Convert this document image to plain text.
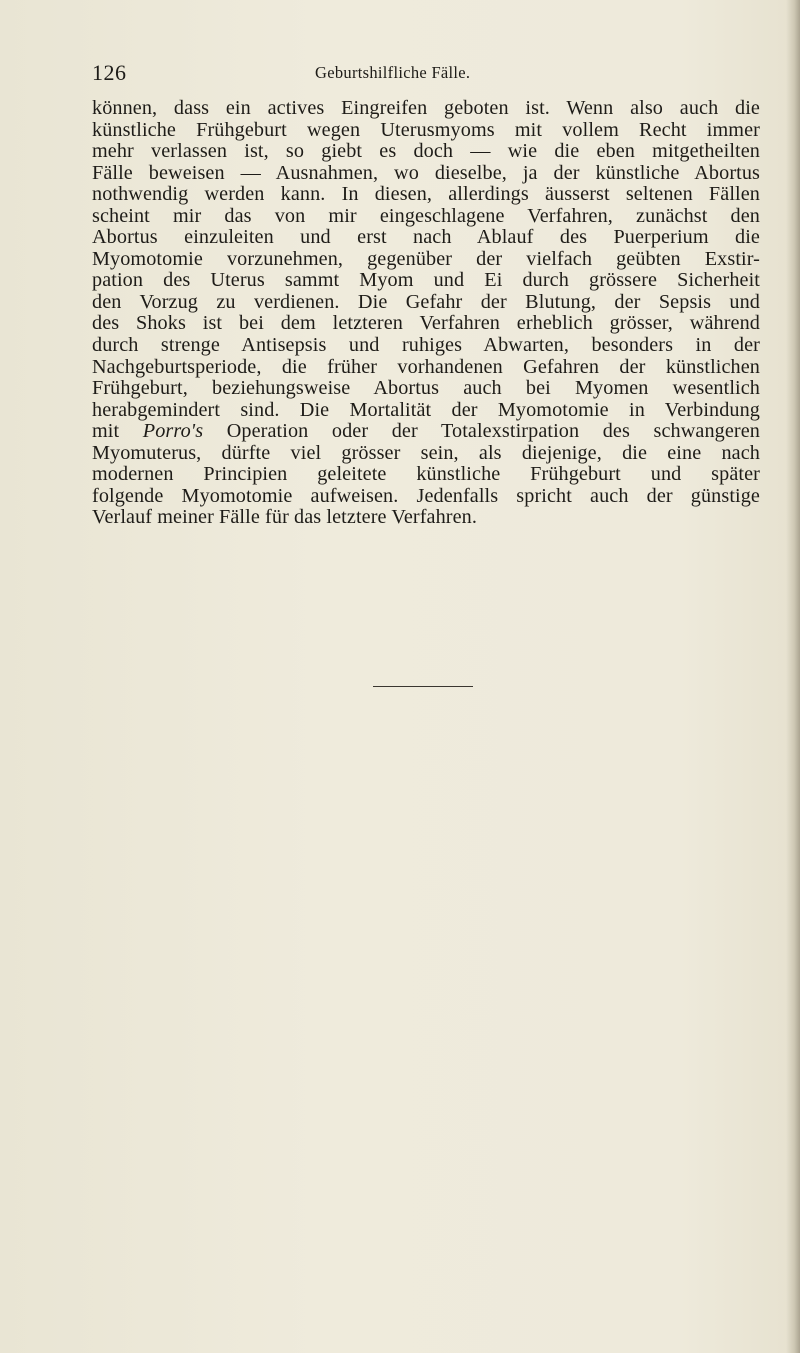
126	Geburtshilfliche Fälle.
können, dass ein actives Eingreifen geboten ist. Wenn also auch die
künstliche Frühgeburt wegen Uterusmyoms mit vollem Recht immer
mehr verlassen ist, so giebt es doch — wie die eben mitgetheilten
Fälle beweisen — Ausnahmen, wo dieselbe, ja der künstliche Abortus
nothwendig werden kann. In diesen, allerdings äusserst seltenen Fällen
scheint mir das von mir eingeschlagene Verfahren, zunächst den
Abortus einzuleiten und erst nach Ablauf des Puerperium die
Myomotomie vorzunehmen, gegenüber der vielfach geübten Exstir-
pation des Uterus sammt Myom und Ei durch grössere Sicherheit
den Vorzug zu verdienen. Die Gefahr der Blutung, der Sepsis und
des Shoks ist bei dem letzteren Verfahren erheblich grösser, während
durch strenge Antisepsis und ruhiges Abwarten, besonders in der
Nachgeburtsperiode, die früher vorhandenen Gefahren der künstlichen
Frühgeburt, beziehungsweise Abortus auch bei Myomen wesentlich
herabgemindert sind. Die Mortalität der Myomotomie in Verbindung
mit Porro's Operation oder der Totalexstirpation des schwangeren
Myomuterus, dürfte viel grösser sein, als diejenige, die eine nach
modernen Principien geleitete künstliche Frühgeburt und später
folgende Myomotomie aufweisen. Jedenfalls spricht auch der günstige
Verlauf meiner Fälle für das letztere Verfahren.
